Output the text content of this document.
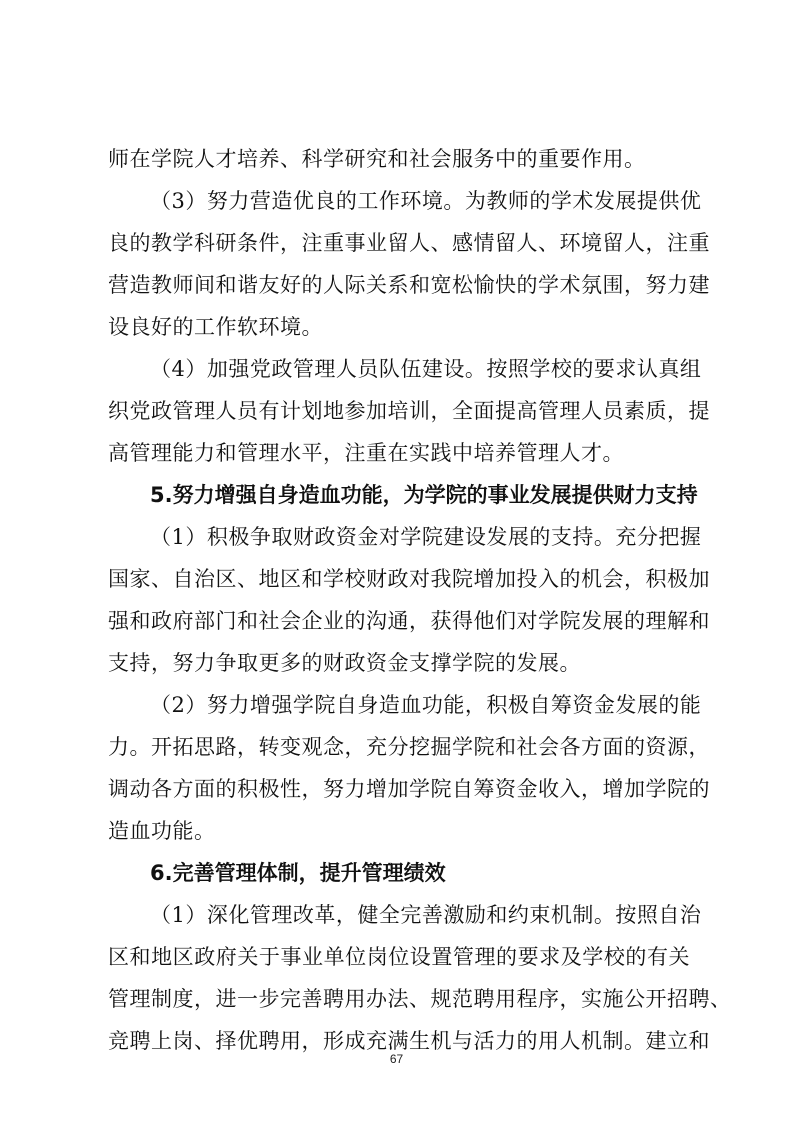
师在学院人才培养、科学研究和社会服务中的重要作用。
（3）努力营造优良的工作环境。为教师的学术发展提供优
良的教学科研条件，注重事业留人、感情留人、环境留人，注重
营造教师间和谐友好的人际关系和宽松愉快的学术氛围，努力建
设良好的工作软环境。
（4）加强党政管理人员队伍建设。按照学校的要求认真组
织党政管理人员有计划地参加培训，全面提高管理人员素质，提
高管理能力和管理水平，注重在实践中培养管理人才。
5.努力增强自身造血功能，为学院的事业发展提供财力支持
（1）积极争取财政资金对学院建设发展的支持。充分把握
国家、自治区、地区和学校财政对我院增加投入的机会，积极加
强和政府部门和社会企业的沟通，获得他们对学院发展的理解和
支持，努力争取更多的财政资金支撑学院的发展。
（2）努力增强学院自身造血功能，积极自筹资金发展的能
力。开拓思路，转变观念，充分挖掘学院和社会各方面的资源，
调动各方面的积极性，努力增加学院自筹资金收入，增加学院的
造血功能。
6.完善管理体制，提升管理绩效
（1）深化管理改革，健全完善激励和约束机制。按照自治
区和地区政府关于事业单位岗位设置管理的要求及学校的有关
管理制度，进一步完善聘用办法、规范聘用程序，实施公开招聘、
竞聘上岗、择优聘用，形成充满生机与活力的用人机制。建立和
67
